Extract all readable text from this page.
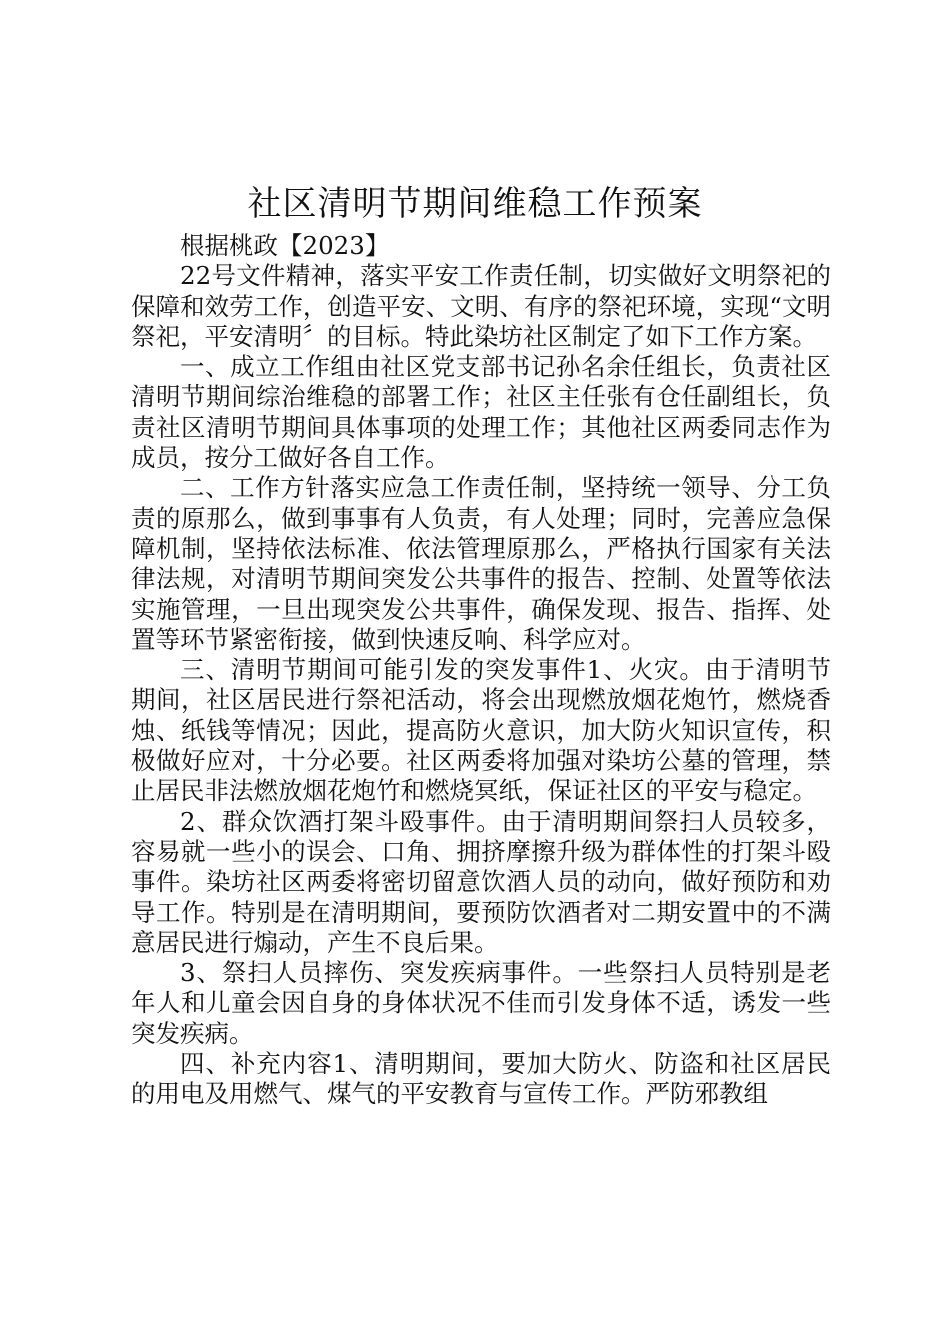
社区清明节期间维稳工作预案

根据桃政【2023】

22号文件精神，落实平安工作责任制，切实做好文明祭祀的保障和效劳工作，创造平安、文明、有序的祭祀环境，实现“文明祭祀，平安清明〞的目标。特此染坊社区制定了如下工作方案。

一、成立工作组由社区党支部书记孙名余任组长，负责社区清明节期间综治维稳的部署工作；社区主任张有仓任副组长，负责社区清明节期间具体事项的处理工作；其他社区两委同志作为成员，按分工做好各自工作。

二、工作方针落实应急工作责任制，坚持统一领导、分工负责的原那么，做到事事有人负责，有人处理；同时，完善应急保障机制，坚持依法标准、依法管理原那么，严格执行国家有关法律法规，对清明节期间突发公共事件的报告、控制、处置等依法实施管理，一旦出现突发公共事件，确保发现、报告、指挥、处置等环节紧密衔接，做到快速反响、科学应对。

三、清明节期间可能引发的突发事件1、火灾。由于清明节期间，社区居民进行祭祀活动，将会出现燃放烟花炮竹，燃烧香烛、纸钱等情况；因此，提高防火意识，加大防火知识宣传，积极做好应对，十分必要。社区两委将加强对染坊公墓的管理，禁止居民非法燃放烟花炮竹和燃烧冥纸，保证社区的平安与稳定。

2、群众饮酒打架斗殴事件。由于清明期间祭扫人员较多，容易就一些小的误会、口角、拥挤摩擦升级为群体性的打架斗殴事件。染坊社区两委将密切留意饮酒人员的动向，做好预防和劝导工作。特别是在清明期间，要预防饮酒者对二期安置中的不满意居民进行煽动，产生不良后果。

3、祭扫人员摔伤、突发疾病事件。一些祭扫人员特别是老年人和儿童会因自身的身体状况不佳而引发身体不适，诱发一些突发疾病。

四、补充内容1、清明期间，要加大防火、防盗和社区居民的用电及用燃气、煤气的平安教育与宣传工作。严防邪教组
